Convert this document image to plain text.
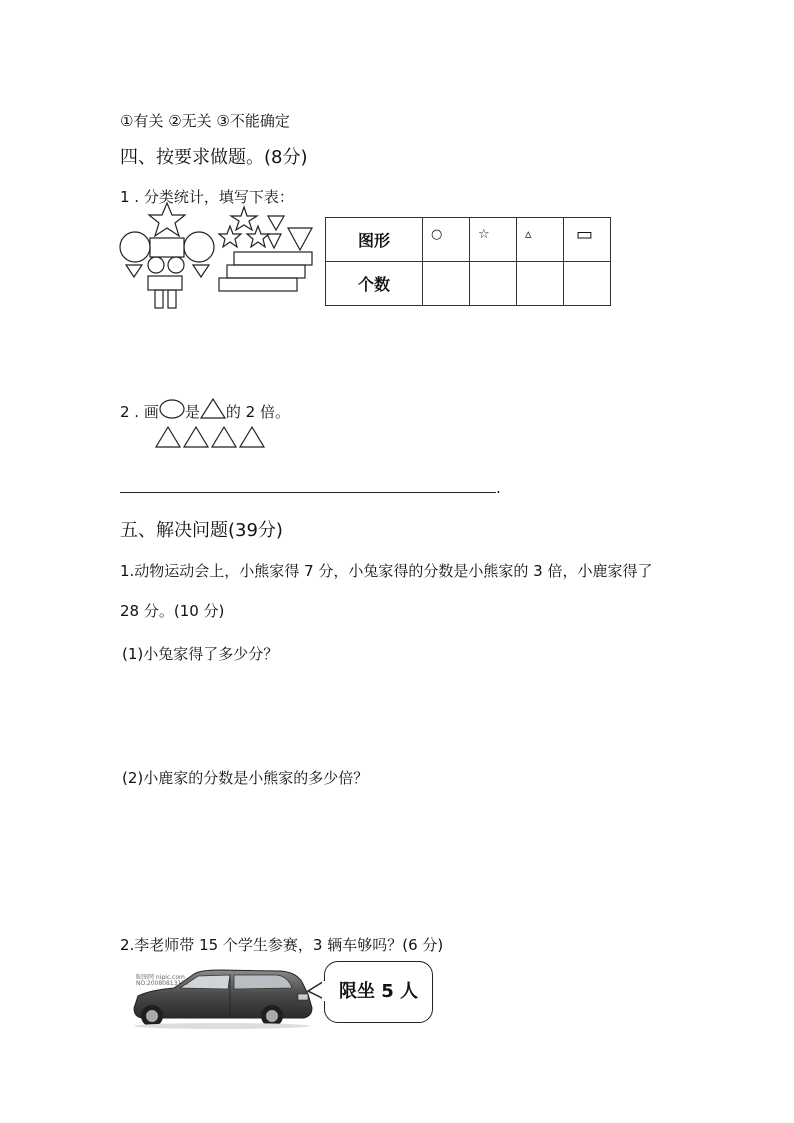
①有关 ②无关 ③不能确定
四、按要求做题。(8分)
1 . 分类统计，填写下表：
图形	○	☆	▵	▭

个数				
2 . 画 是 的 2 倍。
.
五、解决问题(39分)
1.动物运动会上，小熊家得 7 分，小兔家得的分数是小熊家的 3 倍，小鹿家得了
28 分。(10 分)
(1)小兔家得了多少分？
(2)小鹿家的分数是小熊家的多少倍？
2.李老师带 15 个学生参赛，3 辆车够吗？(6 分)
昵图网 nipic.com
NO.20080813120	限坐 5 人
